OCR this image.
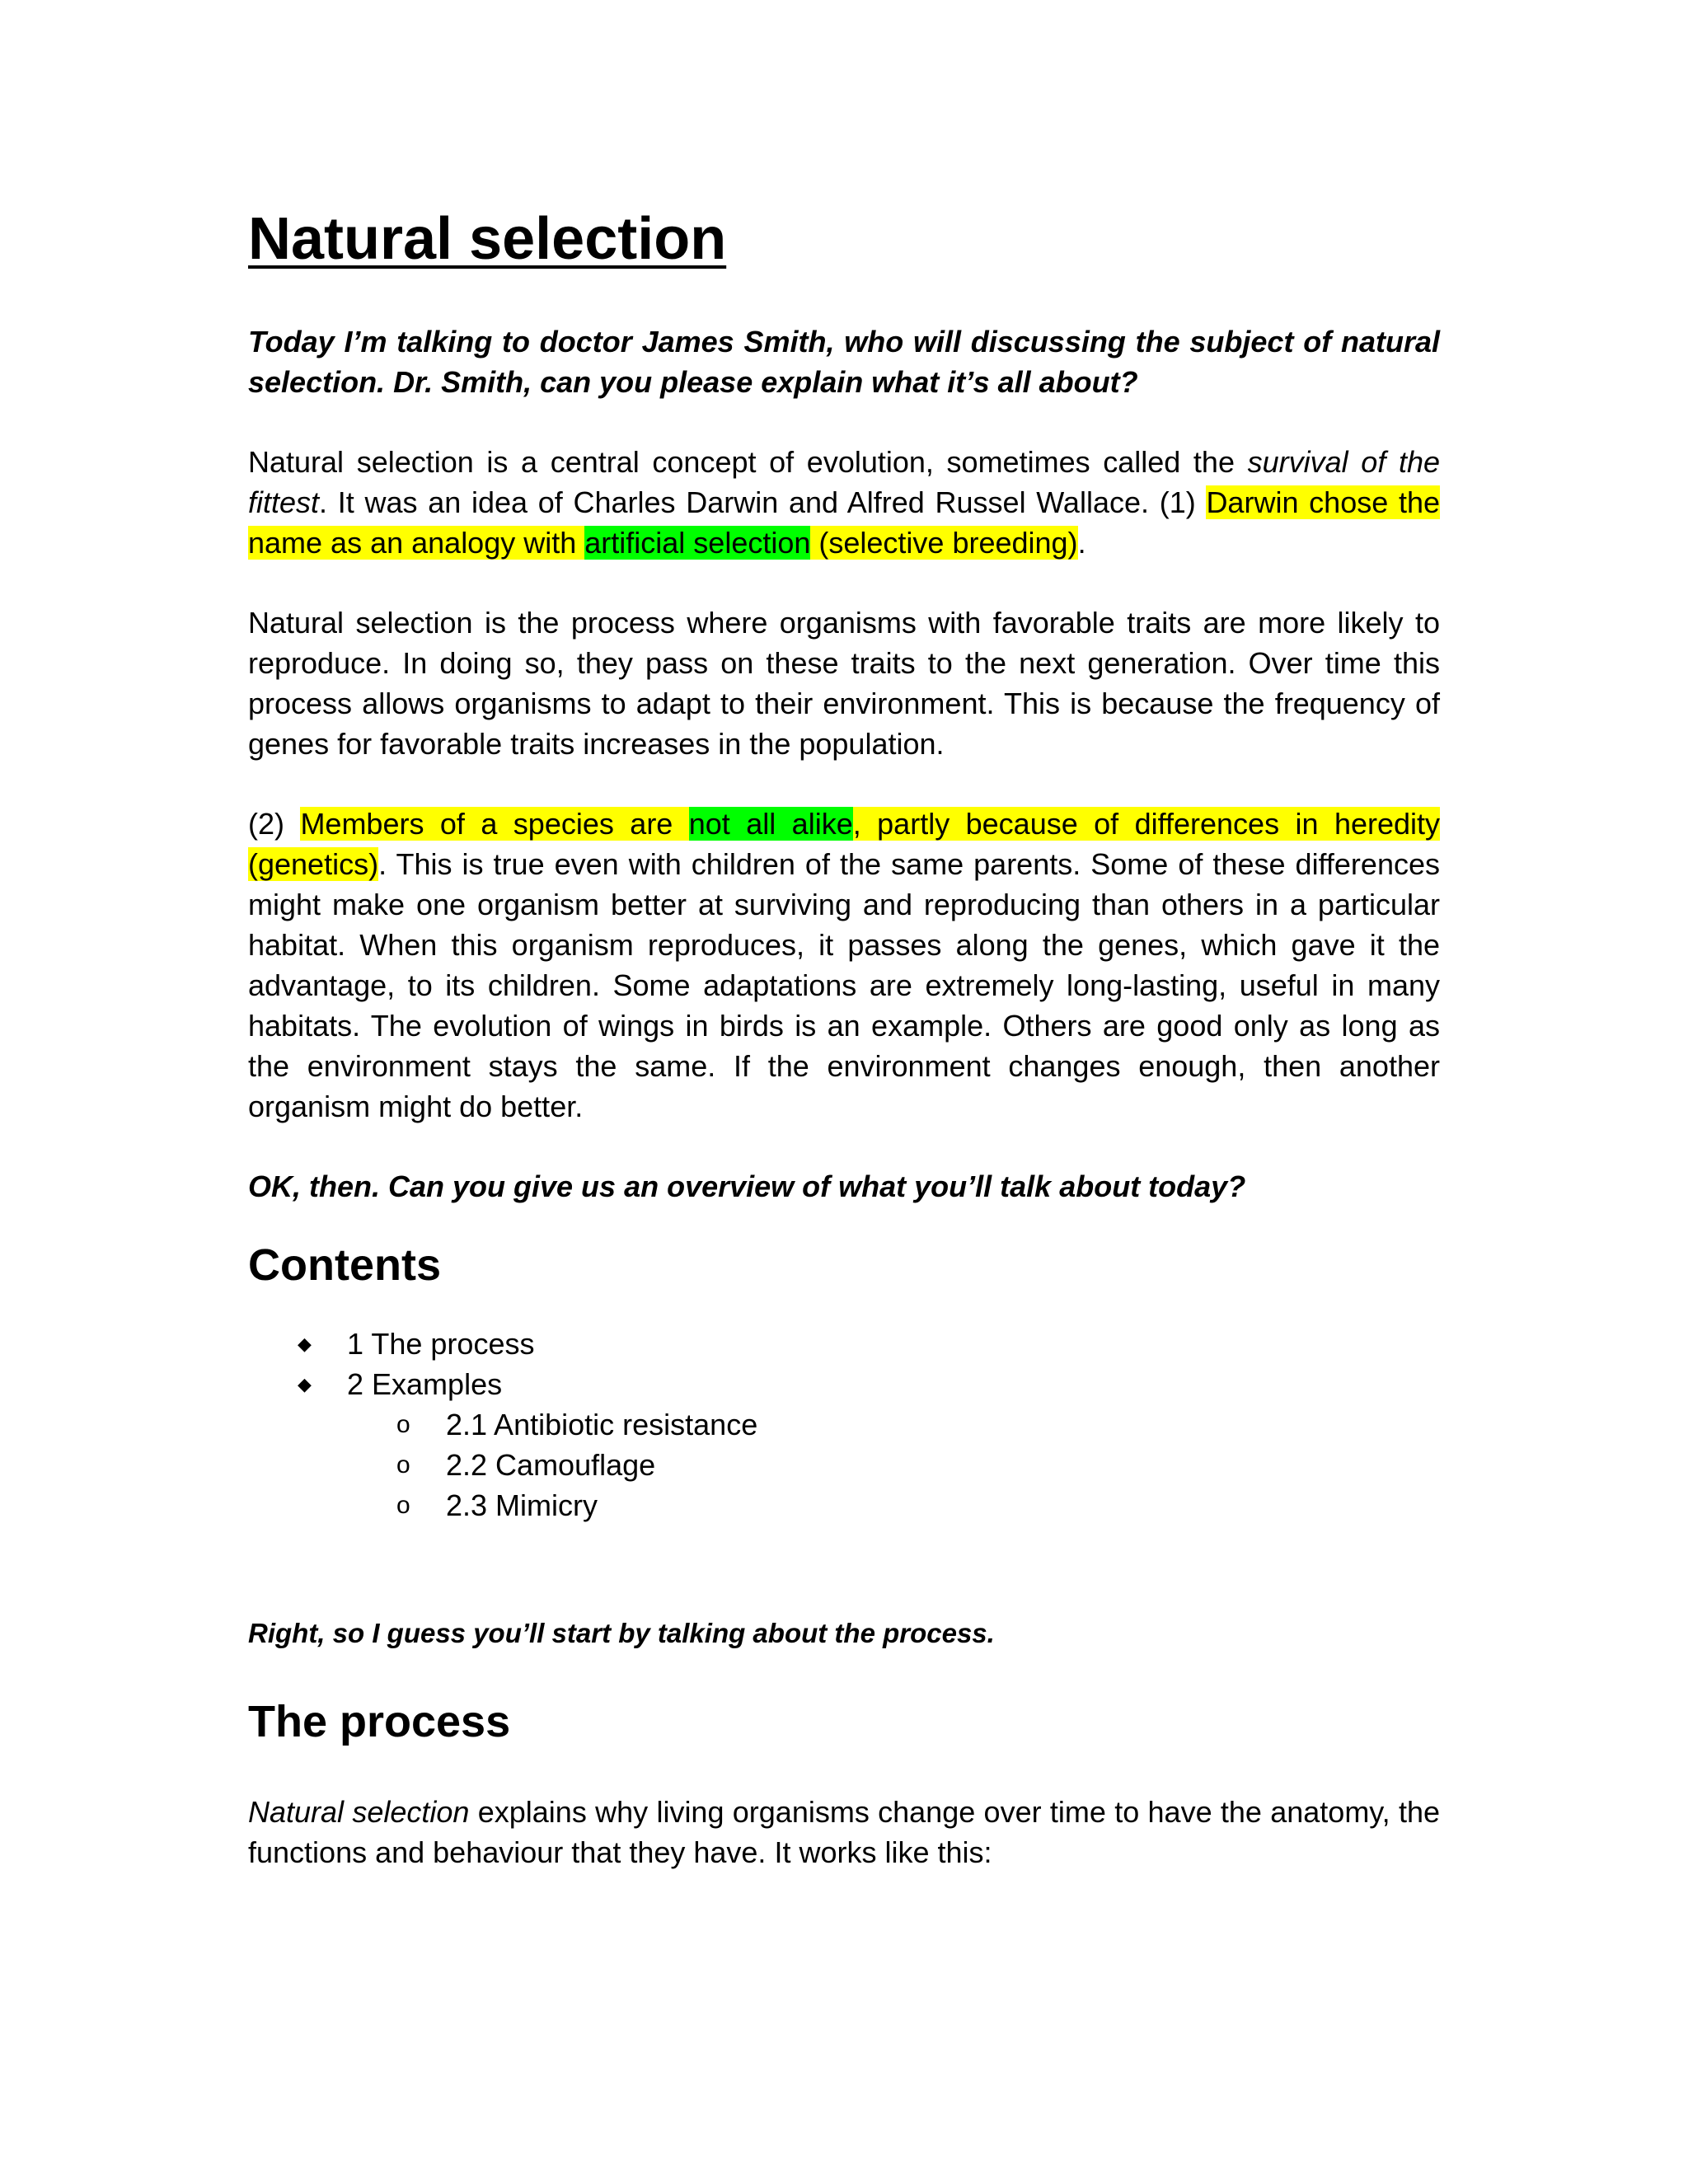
Natural selection

Today I’m talking to doctor James Smith, who will discussing the subject of natural selection. Dr. Smith, can you please explain what it’s all about?

Natural selection is a central concept of evolution, sometimes called the survival of the fittest. It was an idea of Charles Darwin and Alfred Russel Wallace. (1) Darwin chose the name as an analogy with artificial selection (selective breeding).

Natural selection is the process where organisms with favorable traits are more likely to reproduce. In doing so, they pass on these traits to the next generation. Over time this process allows organisms to adapt to their environment. This is because the frequency of genes for favorable traits increases in the population.

(2) Members of a species are not all alike, partly because of differences in heredity (genetics). This is true even with children of the same parents. Some of these differences might make one organism better at surviving and reproducing than others in a particular habitat. When this organism reproduces, it passes along the genes, which gave it the advantage, to its children. Some adaptations are extremely long-lasting, useful in many habitats. The evolution of wings in birds is an example. Others are good only as long as the environment stays the same. If the environment changes enough, then another organism might do better.

OK, then. Can you give us an overview of what you’ll talk about today?

Contents
◆ 1 The process
◆ 2 Examples
o 2.1 Antibiotic resistance
o 2.2 Camouflage
o 2.3 Mimicry

Right, so I guess you’ll start by talking about the process.

The process

Natural selection explains why living organisms change over time to have the anatomy, the functions and behaviour that they have. It works like this:
